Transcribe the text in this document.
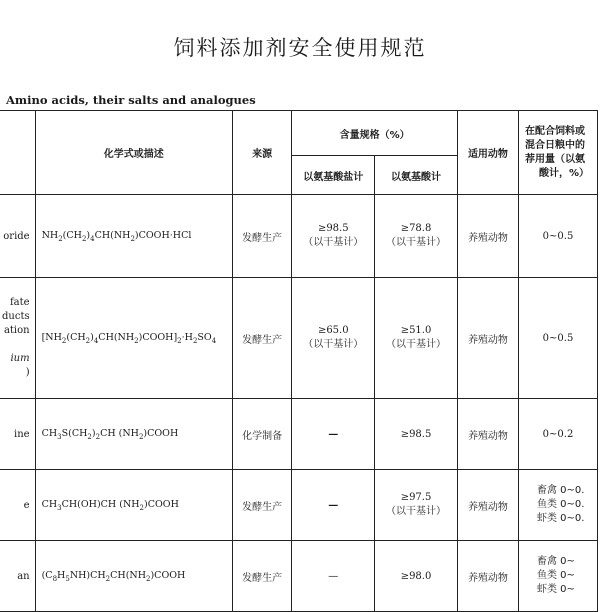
饲料添加剂安全使用规范
Amino acids, their salts and analogues
	化学式或描述	来源	含量规格（%）		适用动物	在配合饲料或
混合日粮中的
荐用量（以氨
酸计，%）

			以氨基酸盐计	以氨基酸计		
oride	$NH_2(CH_2)_4CH(NH_2)COOH\cdot HCl$	发酵生产	≥98.5
（以干基计）	≥78.8
（以干基计）	养殖动物	0~0.5

fate
ducts
ation
ium
)	$[NH_2(CH_2)_4CH(NH_2)COOH]_2\cdot H_2SO_4$	发酵生产	≥65.0
（以干基计）	≥51.0
（以干基计）	养殖动物	0~0.5
ine	$CH_3S(CH_2)_2CH$ $(NH_2)COOH$	化学制备	—	≥98.5	养殖动物	0~0.2
e	$CH_3CH(OH)CH$ $(NH_2)COOH$	发酵生产	—	≥97.5
（以干基计）	养殖动物	畜禽 0~0.
鱼类 0~0.
虾类 0~0.

an	$(C_8H_5NH)CH_2CH(NH_2)COOH$	发酵生产	—	≥98.0	养殖动物	畜禽 0~
鱼类 0~
虾类 0~
